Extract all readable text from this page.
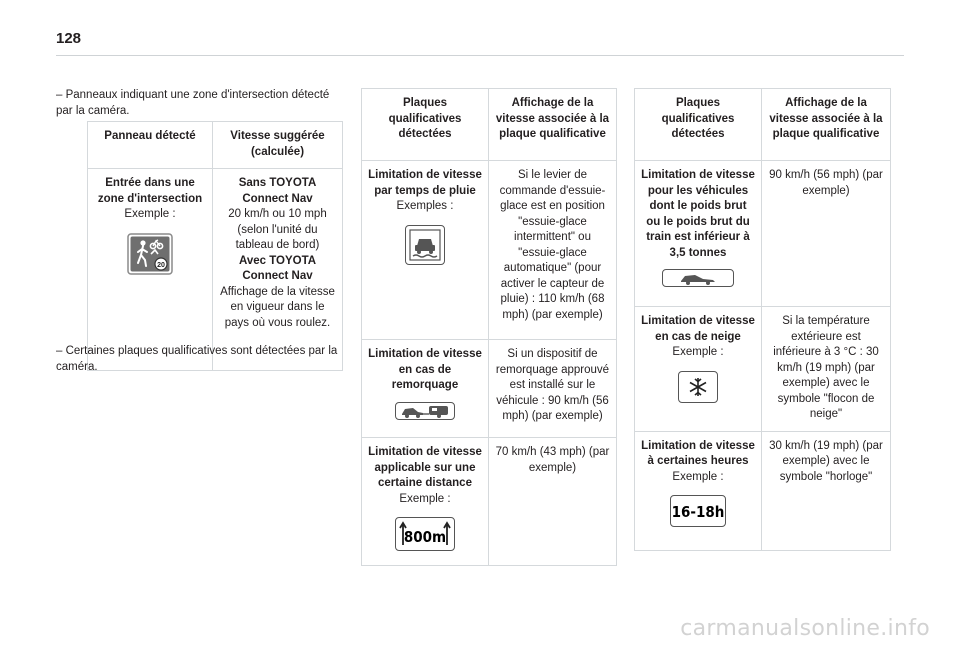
128
– Panneaux indiquant une zone d'intersection détecté par la caméra.
Panneau détecté	Vitesse suggérée (calculée)

Entrée dans une zone d'intersection
Exemple :
20	Sans TOYOTA Connect Nav
20 km/h ou 10 mph (selon l'unité du tableau de bord)
Avec TOYOTA Connect Nav
Affichage de la vitesse en vigueur dans le pays où vous roulez.
– Certaines plaques qualificatives sont détectées par la caméra.
Plaques qualificatives détectées	Affichage de la vitesse associée à la plaque qualificative

Limitation de vitesse par temps de pluie
Exemples :	Si le levier de commande d'essuie-glace est en position "essuie-glace intermittent" ou "essuie-glace automatique" (pour activer le capteur de pluie) : 110 km/h (68 mph) (par exemple)

Limitation de vitesse en cas de remorquage	Si un dispositif de remorquage approuvé est installé sur le véhicule : 90 km/h (56 mph) (par exemple)

Limitation de vitesse applicable sur une certaine distance
Exemple :
800m	70 km/h (43 mph) (par exemple)
Plaques qualificatives détectées	Affichage de la vitesse associée à la plaque qualificative

Limitation de vitesse pour les véhicules dont le poids brut ou le poids brut du train est inférieur à 3,5 tonnes	90 km/h (56 mph) (par exemple)

Limitation de vitesse en cas de neige
Exemple :	Si la température extérieure est inférieure à 3 °C : 30 km/h (19 mph) (par exemple) avec le symbole "flocon de neige"

Limitation de vitesse à certaines heures
Exemple :
16-18h	30 km/h (19 mph) (par exemple) avec le symbole "horloge"
carmanualsonline.info
